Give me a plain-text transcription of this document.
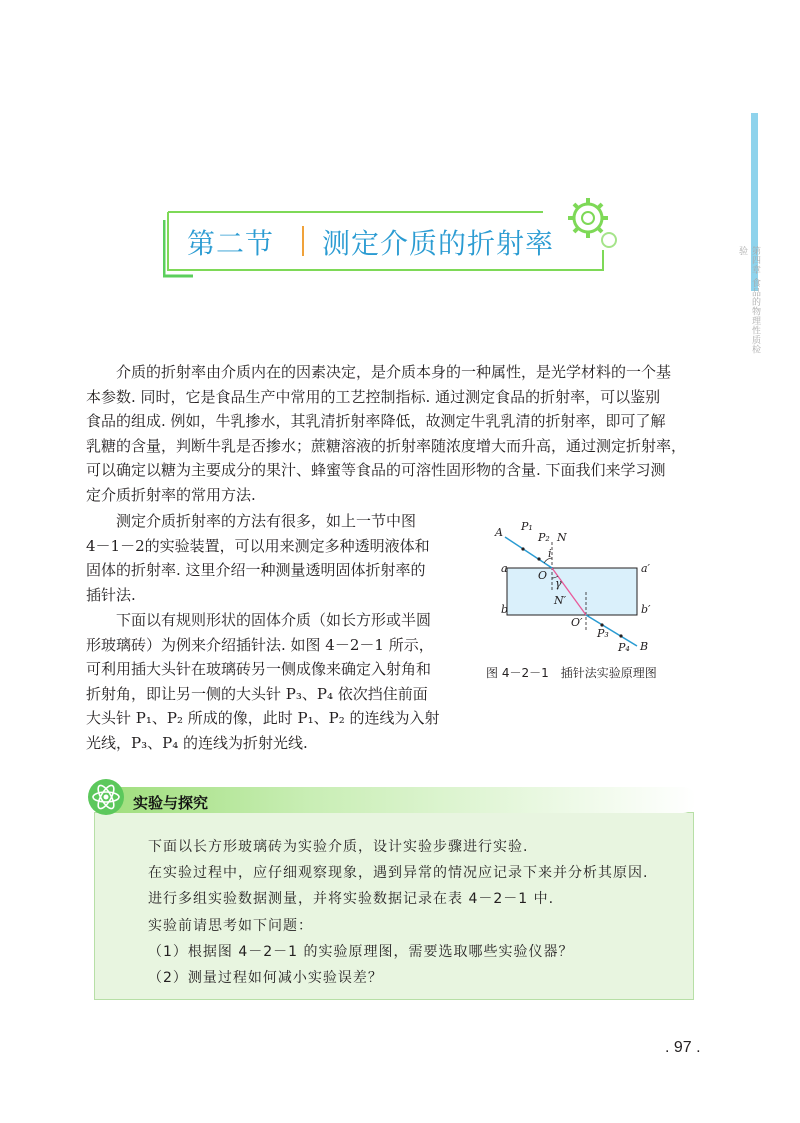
第四章 食品的物理性质检验
第二节 测定介质的折射率
介质的折射率由介质内在的因素决定，是介质本身的一种属性，是光学材料的一个基
本参数. 同时，它是食品生产中常用的工艺控制指标. 通过测定食品的折射率，可以鉴别
食品的组成. 例如，牛乳掺水，其乳清折射率降低，故测定牛乳乳清的折射率，即可了解
乳糖的含量，判断牛乳是否掺水；蔗糖溶液的折射率随浓度增大而升高，通过测定折射率，
可以确定以糖为主要成分的果汁、蜂蜜等食品的可溶性固形物的含量. 下面我们来学习测
定介质折射率的常用方法.
测定介质折射率的方法有很多，如上一节中图
4－1－2的实验装置，可以用来测定多种透明液体和
固体的折射率. 这里介绍一种测量透明固体折射率的
插针法.
下面以有规则形状的固体介质（如长方形或半圆
形玻璃砖）为例来介绍插针法. 如图 4－2－1 所示，
可利用插大头针在玻璃砖另一侧成像来确定入射角和
折射角，即让另一侧的大头针 P₃、P₄ 依次挡住前面
大头针 P₁、P₂ 所成的像，此时 P₁、P₂ 的连线为入射
光线，P₃、P₄ 的连线为折射光线.
A P₁
P₂ N
i
a	a′
O
γ
N′
b	b′
O′
P₃
P₄ B
图 4－2－1　插针法实验原理图
实验与探究
下面以长方形玻璃砖为实验介质，设计实验步骤进行实验.
在实验过程中，应仔细观察现象，遇到异常的情况应记录下来并分析其原因.
进行多组实验数据测量，并将实验数据记录在表 4－2－1 中.
实验前请思考如下问题：
（1）根据图 4－2－1 的实验原理图，需要选取哪些实验仪器？
（2）测量过程如何减小实验误差？
. 97 .
